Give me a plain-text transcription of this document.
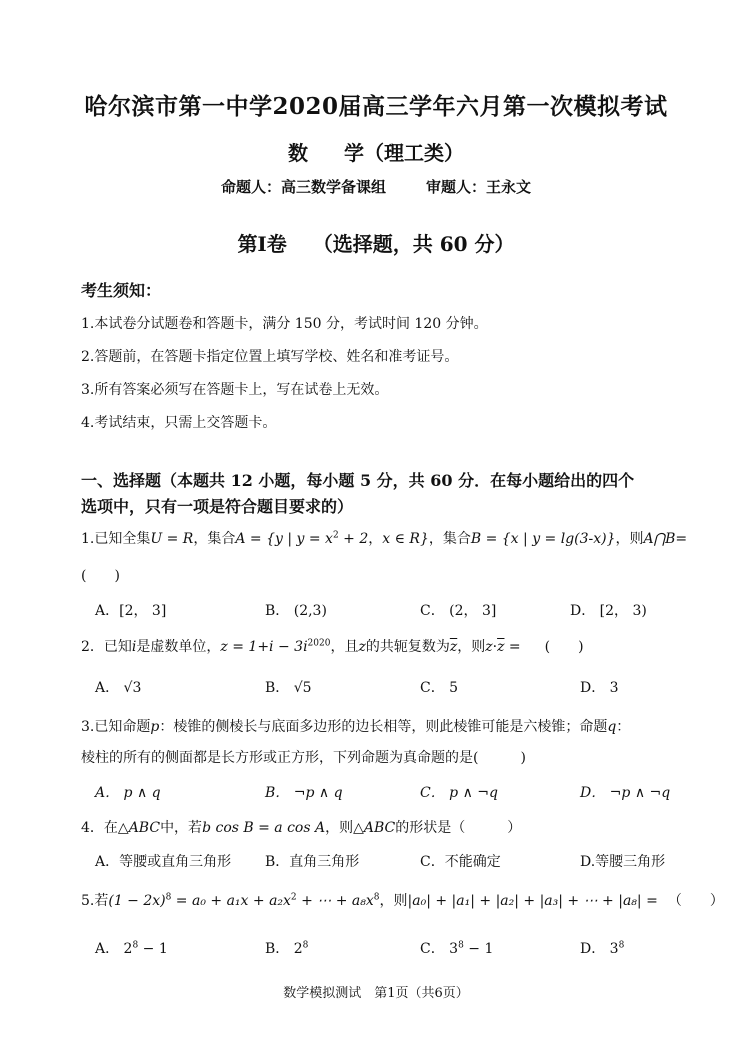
哈尔滨市第一中学2020届高三学年六月第一次模拟考试
数 学（理工类）
命题人：高三数学备课组	审题人：王永文
第Ⅰ卷 （选择题，共 60 分）
考生须知：
1.本试卷分试题卷和答题卡，满分 150 分，考试时间 120 分钟。
2.答题前，在答题卡指定位置上填写学校、姓名和准考证号。
3.所有答案必须写在答题卡上，写在试卷上无效。
4.考试结束，只需上交答题卡。
一、选择题（本题共 12 小题，每小题 5 分，共 60 分．在每小题给出的四个
选项中，只有一项是符合题目要求的）
1.已知全集U = R，集合A = {y | $y = x^2 + 2$，x ∈ R}，集合B = {x | y = lg(3-x)}，则A⋂B=
(　　)
A．[2， 3]	B． (2,3)	C． (2， 3]	D． [2， 3)
2．已知i是虚数单位，$z = 1+i - 3i^{2020}$，且z的共轭复数为$\overline{z}$，则$z\cdot\overline{z}$ = (　　)
A． √3	B． √5	C． 5	D． 3
3.已知命题p：棱锥的侧棱长与底面多边形的边长相等，则此棱锥可能是六棱锥；命题q：
棱柱的所有的侧面都是长方形或正方形，下列命题为真命题的是(　　　)
A． p ∧ q	B． ¬p ∧ q	C． p ∧ ¬q	D． ¬p ∧ ¬q
4．在△ABC中，若b cos B = a cos A，则△ABC的形状是（　　　）
A．等腰或直角三角形 B．直角三角形	C．不能确定	D.等腰三角形
5.若$(1 - 2x)^8 = a_0 + a_1x + a_2x^2$ + ⋯ + $a_8x^8$，则|a₀| + |a₁| + |a₂| + |a₃| + ⋯ + |a₈| = （　　）
A． $2^8 - 1$	B． $2^8$	C． $3^8 - 1$	D． $3^8$
数学模拟测试　第1页（共6页）
